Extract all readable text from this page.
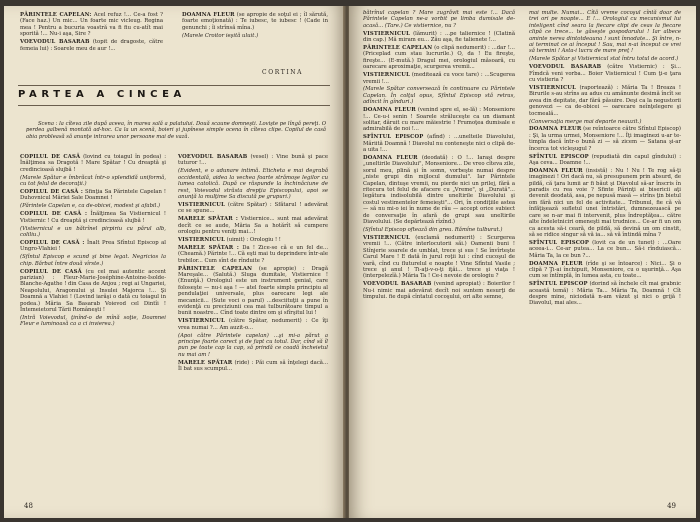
PĂRINTELE CAPELAN: Acel refuz !... Ce-a fost ? (Face haz.) Un mic... Un foarte mic vicleug. Regina mea ! Pentru a bucuria voastră va fi fiu cu-atît mai sporită !... Nu-i aşa, Sire ?

VOEVODUL BASARAB (topit de dragoste, către femeia lui) : Soarele meu de aur !...

DOAMNA FLEUR (se apropie de soţul ei ; îl sărută, foarte emoţionată) : Te iubesc, te iubesc ! (Cade in genunchi ; îi strînsă mîna.)

(Marele Croitor ieşită uluit.)

CORTINA
PARTEA A CINCEA
Scena : la cîteva zile după aceea, în marea sală a palatului. Două scaune domneşti. Lovişte pe lîngă pereţi. O perdea galbenă montată ad-hoc. Ca la un scenă, boieri şi jupînese simple ocena în cîteva clipe. Copilul de casă abia probleasă să anunţe intrarea unor persoane mai de vază.

COPILUL DE CASĂ (lovind cu toiagul în podea) : Înălţimea sa Dragotă ! Mare Spătar ! Cu dreaptă şi credincioasă slujbă !

(Marele Spătar e îmbrăcat într-o splendidă uniformă, cu tot felul de decoraţii.)

COPILUL DE CASĂ : Sfinţia Sa Părintele Capelan ! Duhovnicul Măriei Sale Doamnei !

(Părintele Capelan e, ca de-obicei, modest şi afabil.)

COPILUL DE CASĂ : Înălţimea Sa Vistiernicul ! Vistiernic ! Cu dreaptă şi credincioasă slujbă !

(Vistiernicul e un bătrînel pirpiriu cu părul alb, coliliu.)

COPILUL DE CASĂ : Înalt Prea Sfîntul Episcop al Ungro-Vlahiei !

(Sfîntul Episcop e scund şi bine legat. Negricios la chip. Bărbat între două vîrste.)

COPILUL DE CASĂ (cu cel mai autentic accent parizian) : Fleur-Marie-Joséphine-Antoine-Isolde-Blanche-Agathe ! din Casa de Anjou ; regi ai Ungariei, Neapolului, Aragonului şi Insulei Majorca !... Şi Doamnă a Vlahiei ! (Lovind iarăşi o dată cu toiagul in podea.) Măria Sa Basarab Voievod cel Dintîi ! Întemeietorul Tării Româneşti !

(Intră Voievodul, ţinînd-o de mînă soţie, Doamnei Fleur e luminoasă ca a ci invierea.)

VOEVODUL BASARAB (vesel) : Vine bună şi pace tuturor !...

(Evident, e o adunare intimă. Eticheta e mai degrabă occidentală, aidea la vechea foarte strămoşe legilor cu lumea catolică. După ce răspunde la închinăciune de rest, Voievodul străsta drepţia Episcopului, apoi se anunţă la mulţime Sa discută pe grupuri.)

VISTIERNICUL (către Spătar) : Sfătarul ! adevărat ce se spune...

MARELE SPĂTAR : Vistiernice... sunt mai adevărat decît ce se aude, Măria Sa a hotărît să cumpere orologiu pentru veniţi mai...!

VISTIERNICUL (uimit) : Orologiu ! !

MARELE SPĂTAR : Da ! Zice-se că e un fel de... (Cheamă.) Părinte !... Că eşti mai tu deprindere într-ale trebilor... Cum sînt de rînduite ?

PĂRINTELE CAPELAN (se apropie) : Dragă Mareşale... (Salută.) Sluga dumitale, Vistiernice ! (Enunţă.) Orologiul este un instrument genial, care foloseşte — nu-i aşa ! — atel foarte simplu principiu al pendulaţiei universale, plus oarecare legi ale mecanicii... (Sute voci o parul) ...desciituţii a pune în evidenţă cu preciziunii cea mai tulburătoare timpul a bunii noastre... Cînd toate dintre om şi sfîrşitul lui !

VISTIERNICUL (către Spătar, nedumerit) : Ce îţi vrea numai ?... Am auzit-o...

(Apoi către Părintele capelan) ...şi mi-a părut a principe foarte corect şi de fapt cu totul. Dar, cînd să îl pun pe toate cap la cap, să prindă ce coadă încheietul nu mai am !

MARELE SPĂTAR (ride) : Păi cum să înţelegi dacă... Îl bat sus scumpul...

48

bătrînul capelan ? Mare zugrăvit mai este !... Dacă Părintele Capelan ne-a vorbit pe limba dumisale de-acasă... (Tare.) Ce vistiernice, nu ?

VISTIERNICUL (lămurit) : ...pe taliernice ! (Clatină din cap.) Mă miram eu... Zău aşa, fie talienete !...

PĂRINTELE CAPELAN (o clipă nedumerit) : ...dar !... (Priceplad cum stau lucrurile.) O, da ! Eu fireşte, fireşte... (E-mută.) Dragul mei, orologiul măsoară, cu oarecare aproximaţie, scurgerea vremii...

VISTIERNICUL (meditează cu voce tare) : ...Scugerea vremii !...

(Marele Spătar conversează în continuare cu Părintele Capelan. În colţul opus, Sfîntul Episcop stă retras, adîncit în gînduri.)

DOAMNA FLEUR (venind spre el, se-lă) : Monseniore !... Ce-u-i senin ! Soarele străluceşte ca un diamant solitar, dăruit cu mare măiestrie ! Frumoţea dumisale e admirabilă de noi !...

SFÎNTUL EPISCOP (afînd) : ...unelteile Diavolului, Măriită Doamnă ! Diavolul nu conteneşte nici o clipă de-a uita !...

DOAMNA FLEUR (deodată) : O !... Iaraşi despre „uneltirile Diavolului", Monseniore... De vreo cîteva zile, sorul meu, plină şi în somn, vorbeşte numai despre „niste grupi din mijlocul dumului". Iar Părintele Capelan, dintuşe vremii, nu pierde nici un prilej, fără a ritecura tot felul de afacere cu „Vreme", şi „Durată"... legătura indisolubilă dintre uneltirile Diavolului şi costul vestimentelor femeieşti"... Ori, în condiţiile astea — să nu mi-o iei în nume de rău — accept orice subiect de conversaţie în afară de grupi sau uneltirile Diavolului. (Se depărtează rîzînd.)

(Sfîntul Episcop oftează din greu. Rămîne tulburat.)

VISTIERNICUL (exclamă nedumerit) : Scurgerea vremii !... (Către interlocutorii săi.) Oamenii buni ! Stînjerie soarele de umblat, trece şi sus ! Se învîrteşte Carul Mare ! E dată în jurul roţii lui : cînd cucoşul de vară, cînd cu fluturelul e noapte ! Vine Sfîntul Vasile ; trece şi anul ! Ti-aţi-v-o-ţi iţăi... trece şi viaţa ! (interpelezîă.) Măria Ta ! Ce-i nevoie de orologiu ?

VOEVODUL BASARAB (venind apropiat) : Boierilor ! Nu-i nimic mai adevărat decît noi suntem nesurţi de timpului. fie după cîntatul cocoşului, ori alte semne,

mai multe. Numai... Cîtă vreme cocoşul cîntă doar de trei ori pe noapte... E !... Orologiul cu mecanismul lui inteligent cînd seara la fiecare clipi de ceas la fiecare clipă ce trece... te găseşte gospodarului ! Iar albece aminte nerea dintotdeauna ! sunt înnodate... Şi între, n-ai terminat ce ai început ! Sau, mai n-ai început ce vrei să termini ! Asta-i lucru de mare preţ !

(Marele Spătar şi Vistiernicul stat întru totul de acord.)

VOEVODUL BASARAB (către Vistiernic) : Şi... Fîmdcă veni vorba... Boier Vistiernicul ! Cum ţi-e ţara cu vistieria ?

VISTIERNICUL (raportează) : Măria Ta ! Breaza ! Birurile s-au strîns au adus cu amănunte desimă încît se avea din depitate, dar fără păsuire. Deşi ca la negustorii genovezi — ca de-obicei — oarecare neînţelegere şi tocmeală...

(Conversaţia merge mai departe neauzit.)

DOAMNA FLEUR (se reîntoarce către Sfîntul Episcop) : Şi, la urma urmei, Monseniore !... Îţi imaginezi u-ar te-timpla dacă într-o bună zi — să zicem — Satana şi-ar încerca tot vicleşugul ?

SFÎNTUL EPISCOP (repudiată din capul gîndului) : Aşa ceva... Doamne !...

DOAMNA FLEUR (insistă) : Nu ! Nu ! Te rog să-ţi imaginezi ! Ori dacă nu, să presupunem prin absurd, de pildă, că ţara lumii ar fi băut şi Diavolul să-ar înscris în paradis cu rea voie ? Sfinte Părinţi ai bisericii aţi devenit deodată, asa, pe nepusă masă — strîns ţin bietul om fără nici un fel de activitate... Tribunul, fie că vă înfăţişează sufletul unei întristări, dumnezeuască pe care se n-ar mai fi intervenit, plus îndreptăţea... către alte îndeletniciri omeneşti mai trudnice... Ce-ar fi un om ca acesta să-i ceară, de pildă, să devină un om cinstit, să se ridice singur să vă ia... să vă întindă mîna ?

SFÎNTUL EPISCOP (lovit ca de un tunet) : ...Oare aceea-i... Ce-ar putea... La ce bun... Să-i rînduiască... Măria Ta, la ce bun ?...

DOAMNA FLEUR (rîde şi se întoarce) : Nici... Şi o clipă ? Ţi-ai închipuit, Monseniore, cu o uşurinţă... Aşa cum se întîmplă, în lumea asta, cu toate...

SFÎNTUL EPISCOP (dorind să închele cît mai grabnic această temă) : Măria Ta... Măria Ta, Doamnă ! Cît despre mine, niciodată n-am văzut şi nici o grijă ! Diavolul, mai ales...

49
